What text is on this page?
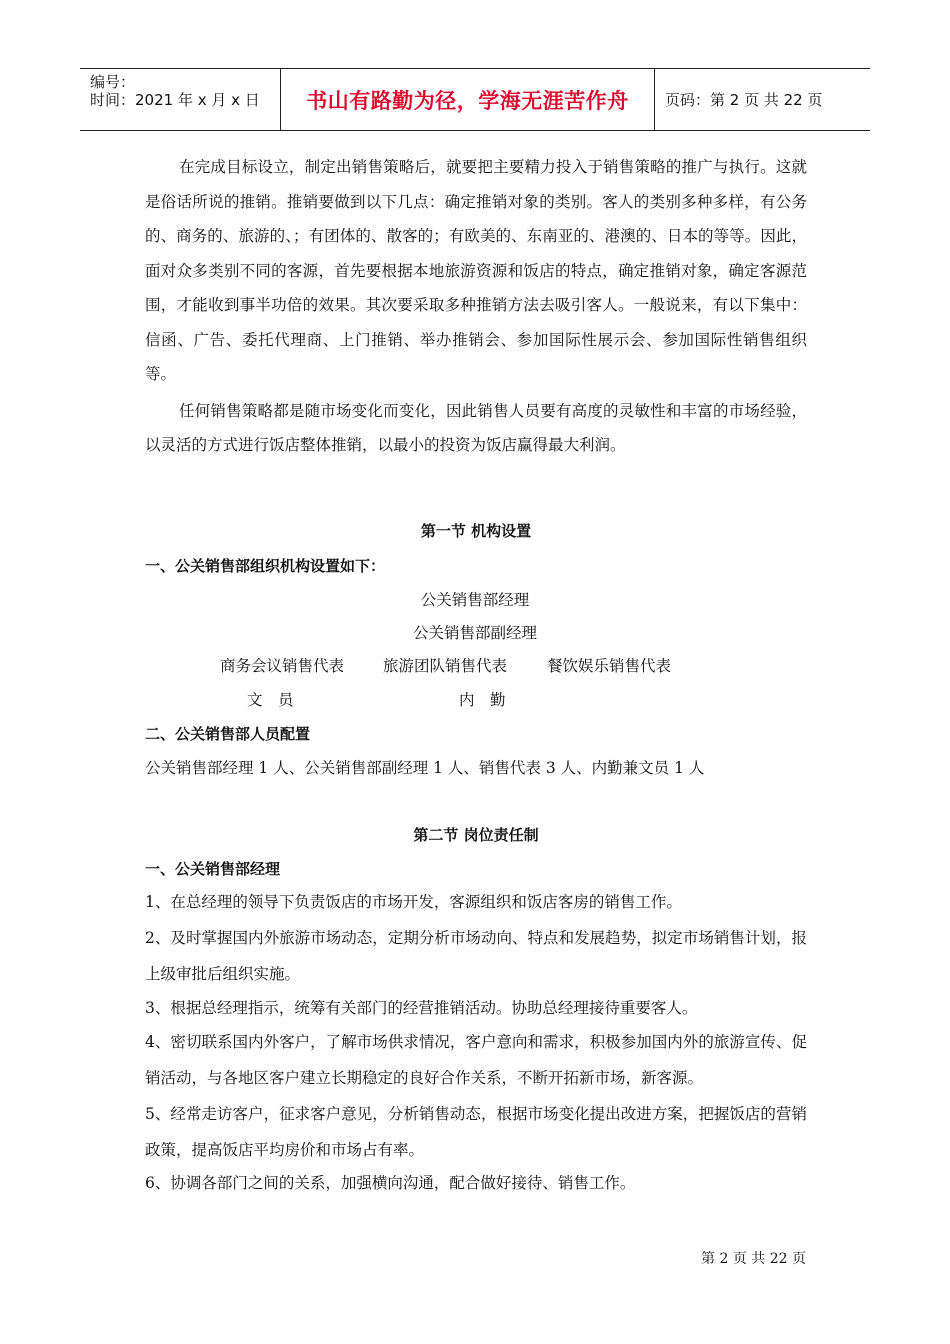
编号：
时间：2021 年 x 月 x 日 书山有路勤为径，学海无涯苦作舟 页码：第 2 页 共 22 页

在完成目标设立，制定出销售策略后，就要把主要精力投入于销售策略的推广与执行。这就是俗话所说的推销。推销要做到以下几点：确定推销对象的类别。客人的类别多种多样，有公务的、商务的、旅游的、；有团体的、散客的；有欧美的、东南亚的、港澳的、日本的等等。因此，面对众多类别不同的客源，首先要根据本地旅游资源和饭店的特点，确定推销对象，确定客源范围，才能收到事半功倍的效果。其次要采取多种推销方法去吸引客人。一般说来，有以下集中：信函、广告、委托代理商、上门推销、举办推销会、参加国际性展示会、参加国际性销售组织等。

任何销售策略都是随市场变化而变化，因此销售人员要有高度的灵敏性和丰富的市场经验，以灵活的方式进行饭店整体推销，以最小的投资为饭店赢得最大利润。

第一节 机构设置
一、公关销售部组织机构设置如下：
公关销售部经理
公关销售部副经理
商务会议销售代表	旅游团队销售代表	餐饮娱乐销售代表
文　员	内　勤
二、公关销售部人员配置
公关销售部经理 1 人、公关销售部副经理 1 人、销售代表 3 人、内勤兼文员 1 人
第二节 岗位责任制
一、公关销售部经理

1、在总经理的领导下负责饭店的市场开发，客源组织和饭店客房的销售工作。

2、及时掌握国内外旅游市场动态，定期分析市场动向、特点和发展趋势，拟定市场销售计划，报上级审批后组织实施。

3、根据总经理指示，统筹有关部门的经营推销活动。协助总经理接待重要客人。

4、密切联系国内外客户，了解市场供求情况，客户意向和需求，积极参加国内外的旅游宣传、促销活动，与各地区客户建立长期稳定的良好合作关系，不断开拓新市场，新客源。

5、经常走访客户，征求客户意见，分析销售动态，根据市场变化提出改进方案，把握饭店的营销政策，提高饭店平均房价和市场占有率。

6、协调各部门之间的关系，加强横向沟通，配合做好接待、销售工作。

第 2 页 共 22 页
